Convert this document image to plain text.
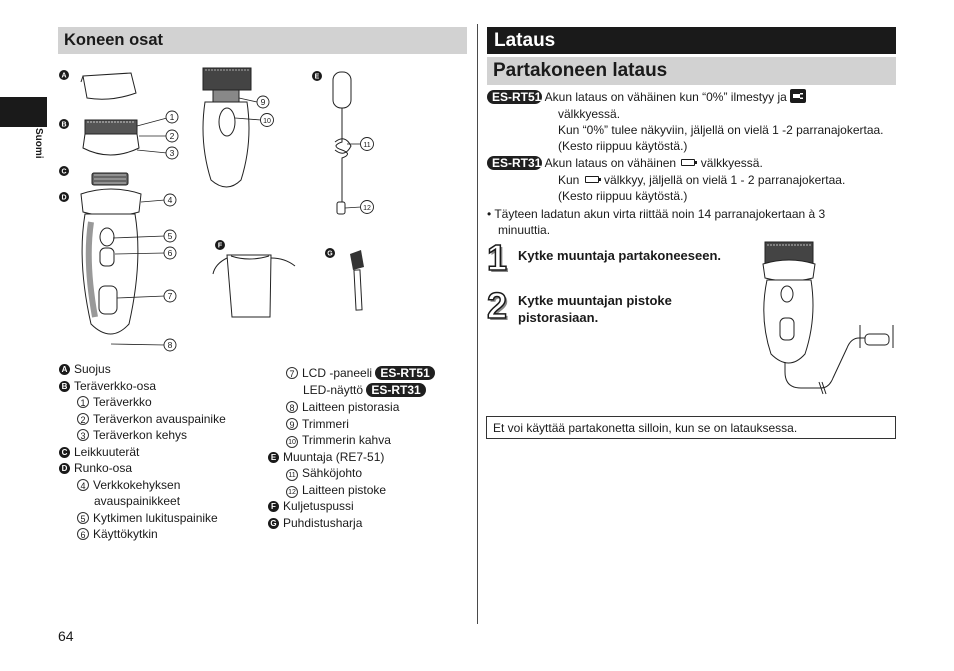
Suomi
Koneen osat
A
B
C
D
E
F
G
1
2
3
4
5
6
7
8
9
10
11
12
A Suojus
B Teräverkko-osa
1 Teräverkko
2 Teräverkon avauspainike
3 Teräverkon kehys
C Leikkuuterät
D Runko-osa
4 Verkkokehyksen
avauspainikkeet
5 Kytkimen lukituspainike
6 Käyttökytkin
7 LCD -paneeli ES-RT51
LED-näyttö ES-RT31
8 Laitteen pistorasia
9 Trimmeri
10 Trimmerin kahva
E Muuntaja (RE7-51)
11 Sähköjohto
12 Laitteen pistoke
F Kuljetuspussi
G Puhdistusharja
64
Lataus
Partakoneen lataus
ES-RT51 Akun lataus on vähäinen kun “0%” ilmestyy ja
välkkyessä.
Kun “0%” tulee näkyviin, jäljellä on vielä 1 -2 parranajokertaa.
(Kesto riippuu käytöstä.)
ES-RT31 Akun lataus on vähäinen välkkyessä.
Kun välkkyy, jäljellä on vielä 1 - 2 parranajokertaa.
(Kesto riippuu käytöstä.)
• Täyteen ladatun akun virta riittää noin 14 parranajokertaan à 3
minuuttia.
1 Kytke muuntaja partakoneeseen.
2 Kytke muuntajan pistoke
pistorasiaan.
Et voi käyttää partakonetta silloin, kun se on latauksessa.
